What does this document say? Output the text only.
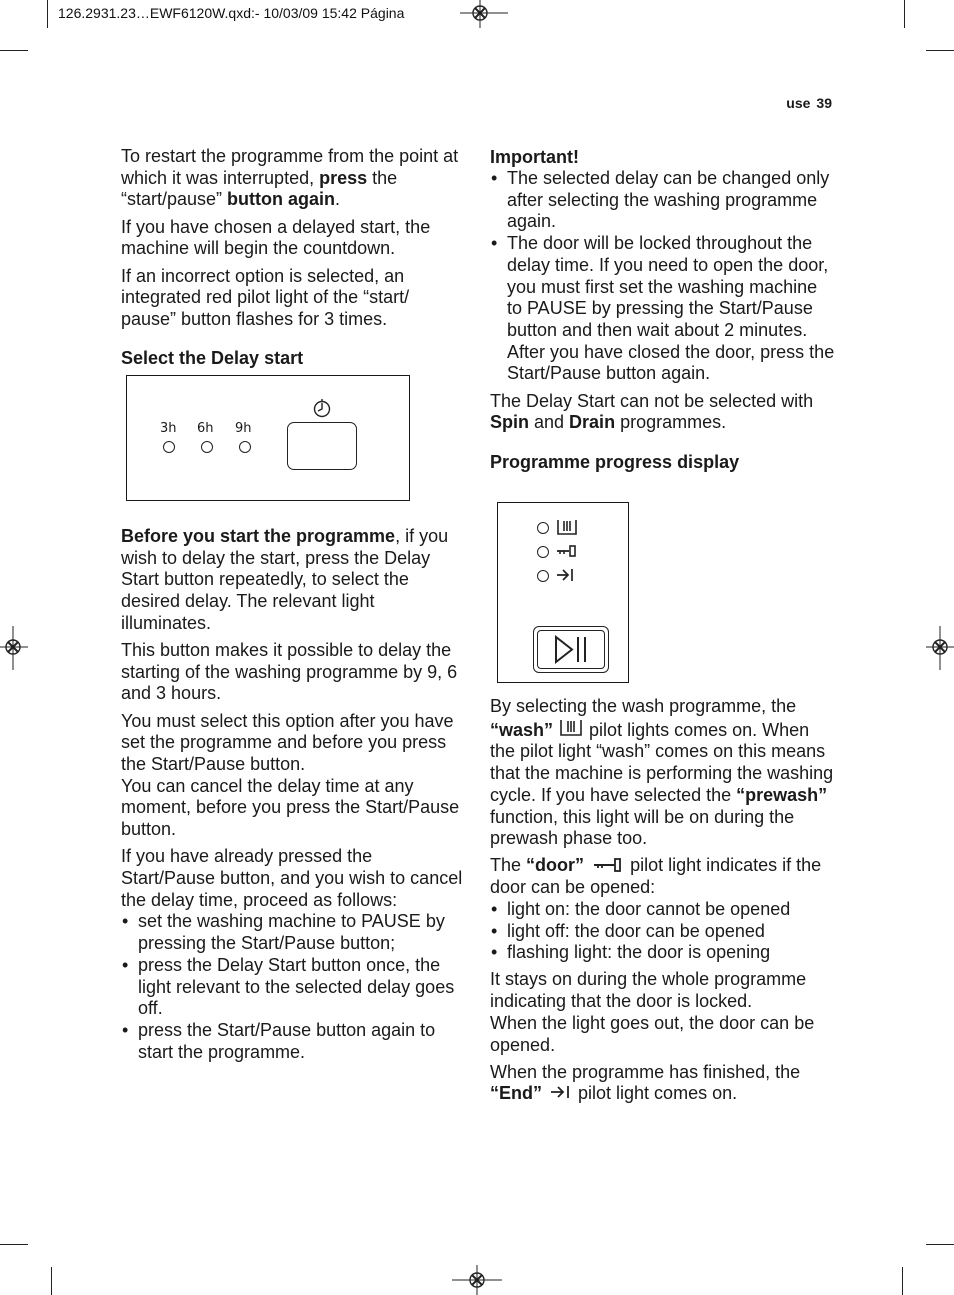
126.2931.23…EWF6120W.qxd:- 10/03/09 15:42 Página
use 39

To restart the programme from the point at which it was interrupted, press the “start/pause” button again.

If you have chosen a delayed start, the machine will begin the countdown.

If an incorrect option is selected, an integrated red pilot light of the “start/ pause” button flashes for 3 times.

Select the Delay start
3h 6h 9h

Before you start the programme, if you wish to delay the start, press the Delay Start button repeatedly, to select the desired delay. The relevant light illuminates.

This button makes it possible to delay the starting of the washing programme by 9, 6 and 3 hours.

You must select this option after you have set the programme and before you press the Start/Pause button.

You can cancel the delay time at any moment, before you press the Start/Pause button.

If you have already pressed the Start/Pause button, and you wish to cancel the delay time, proceed as follows:

• set the washing machine to PAUSE by pressing the Start/Pause button;
• press the Delay Start button once, the light relevant to the selected delay goes off.
• press the Start/Pause button again to start the programme.
Important!
• The selected delay can be changed only after selecting the washing programme again.
• The door will be locked throughout the delay time. If you need to open the door, you must first set the washing machine to PAUSE by pressing the Start/Pause button and then wait about 2 minutes. After you have closed the door, press the Start/Pause button again.

The Delay Start can not be selected with Spin and Drain programmes.

Programme progress display

By selecting the wash programme, the “wash”  pilot lights comes on. When the pilot light “wash” comes on this means that the machine is performing the washing cycle. If you have selected the “prewash” function, this light will be on during the prewash phase too.

The “door”	pilot light indicates if the door can be opened:

• light on: the door cannot be opened
• light off: the door can be opened
• flashing light: the door is opening

It stays on during the whole programme indicating that the door is locked.

When the light goes out, the door can be opened.

When the programme has finished, the “End”  pilot light comes on.
